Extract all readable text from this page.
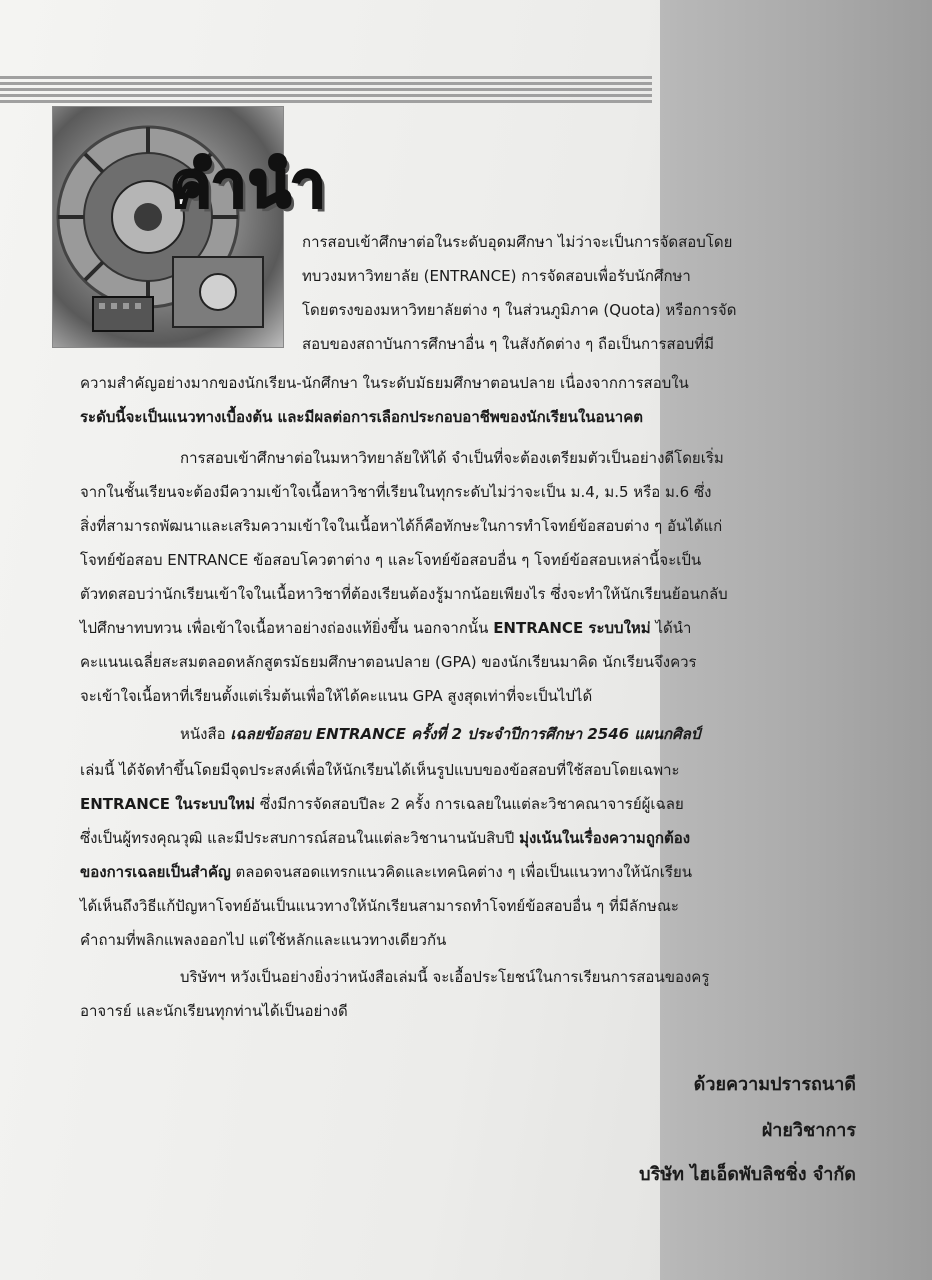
คำนำ
การสอบเข้าศึกษาต่อในระดับอุดมศึกษา ไม่ว่าจะเป็นการจัดสอบโดย
ทบวงมหาวิทยาลัย (ENTRANCE) การจัดสอบเพื่อรับนักศึกษา
โดยตรงของมหาวิทยาลัยต่าง ๆ ในส่วนภูมิภาค (Quota) หรือการจัด
สอบของสถาบันการศึกษาอื่น ๆ ในสังกัดต่าง ๆ ถือเป็นการสอบที่มี
ความสำคัญอย่างมากของนักเรียน-นักศึกษา ในระดับมัธยมศึกษาตอนปลาย เนื่องจากการสอบใน
ระดับนี้จะเป็นแนวทางเบื้องต้น และมีผลต่อการเลือกประกอบอาชีพของนักเรียนในอนาคต
การสอบเข้าศึกษาต่อในมหาวิทยาลัยให้ได้ จำเป็นที่จะต้องเตรียมตัวเป็นอย่างดีโดยเริ่ม
จากในชั้นเรียนจะต้องมีความเข้าใจเนื้อหาวิชาที่เรียนในทุกระดับไม่ว่าจะเป็น ม.4, ม.5 หรือ ม.6 ซึ่ง
สิ่งที่สามารถพัฒนาและเสริมความเข้าใจในเนื้อหาได้ก็คือทักษะในการทำโจทย์ข้อสอบต่าง ๆ อันได้แก่
โจทย์ข้อสอบ ENTRANCE ข้อสอบโควตาต่าง ๆ และโจทย์ข้อสอบอื่น ๆ โจทย์ข้อสอบเหล่านี้จะเป็น
ตัวทดสอบว่านักเรียนเข้าใจในเนื้อหาวิชาที่ต้องเรียนต้องรู้มากน้อยเพียงไร ซึ่งจะทำให้นักเรียนย้อนกลับ
ไปศึกษาทบทวน เพื่อเข้าใจเนื้อหาอย่างถ่องแท้ยิ่งขึ้น นอกจากนั้น ENTRANCE ระบบใหม่ ได้นำ
คะแนนเฉลี่ยสะสมตลอดหลักสูตรมัธยมศึกษาตอนปลาย (GPA) ของนักเรียนมาคิด นักเรียนจึงควร
จะเข้าใจเนื้อหาที่เรียนตั้งแต่เริ่มต้นเพื่อให้ได้คะแนน GPA สูงสุดเท่าที่จะเป็นไปได้
หนังสือ เฉลยข้อสอบ ENTRANCE ครั้งที่ 2 ประจำปีการศึกษา 2546 แผนกศิลป์
เล่มนี้ ได้จัดทำขึ้นโดยมีจุดประสงค์เพื่อให้นักเรียนได้เห็นรูปแบบของข้อสอบที่ใช้สอบโดยเฉพาะ
ENTRANCE ในระบบใหม่ ซึ่งมีการจัดสอบปีละ 2 ครั้ง การเฉลยในแต่ละวิชาคณาจารย์ผู้เฉลย
ซึ่งเป็นผู้ทรงคุณวุฒิ และมีประสบการณ์สอนในแต่ละวิชานานนับสิบปี มุ่งเน้นในเรื่องความถูกต้อง
ของการเฉลยเป็นสำคัญ ตลอดจนสอดแทรกแนวคิดและเทคนิคต่าง ๆ เพื่อเป็นแนวทางให้นักเรียน
ได้เห็นถึงวิธีแก้ปัญหาโจทย์อันเป็นแนวทางให้นักเรียนสามารถทำโจทย์ข้อสอบอื่น ๆ ที่มีลักษณะ
คำถามที่พลิกแพลงออกไป แต่ใช้หลักและแนวทางเดียวกัน
บริษัทฯ หวังเป็นอย่างยิ่งว่าหนังสือเล่มนี้ จะเอื้อประโยชน์ในการเรียนการสอนของครู
อาจารย์ และนักเรียนทุกท่านได้เป็นอย่างดี
ด้วยความปรารถนาดี
ฝ่ายวิชาการ
บริษัท ไฮเอ็ดพับลิชชิ่ง จำกัด
